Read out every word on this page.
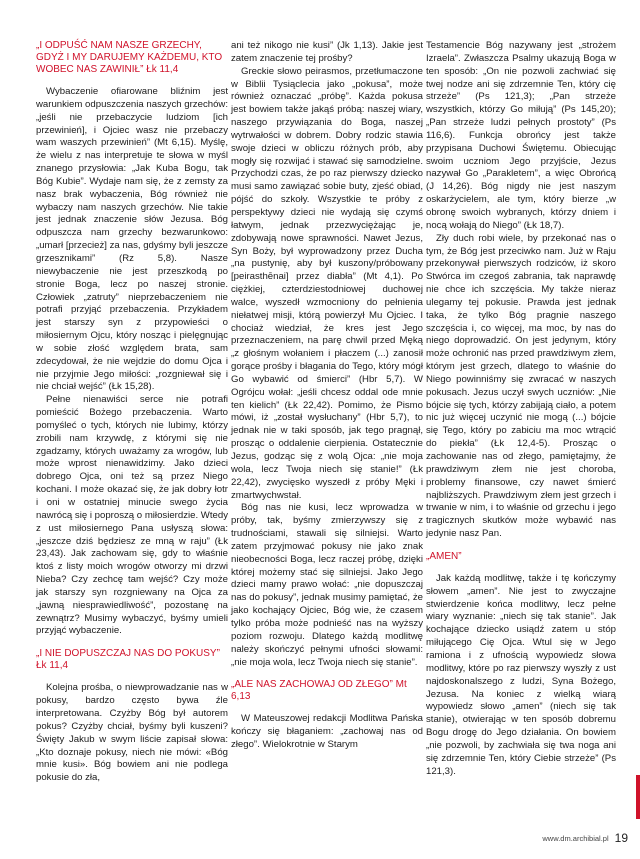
„I ODPUŚĆ NAM NASZE GRZECHY, GDYŻ I MY DARUJEMY KAŻDEMU, KTO WOBEC NAS ZAWINIŁ” Łk 11,4

Wybaczenie ofiarowane bliźnim jest warunkiem odpuszczenia naszych grzechów: „jeśli nie przebaczycie ludziom [ich przewinień], i Ojciec wasz nie przebaczy wam waszych przewinień” (Mt 6,15). Myślę, że wielu z nas interpretuje te słowa w myśl znanego przysłowia: „Jak Kuba Bogu, tak Bóg Kubie”. Wydaje nam się, że z zemsty za nasz brak wybaczenia, Bóg również nie wybaczy nam naszych grzechów. Nie takie jest jednak znaczenie słów Jezusa. Bóg odpuszcza nam grzechy bezwarunkowo: „umarł [przecież] za nas, gdyśmy byli jeszcze grzesznikami” (Rz 5,8). Nasze niewybaczenie nie jest przeszkodą po stronie Boga, lecz po naszej stronie. Człowiek „zatruty” nieprzebaczeniem nie potrafi przyjąć przebaczenia. Przykładem jest starszy syn z przypowieści o miłosiernym Ojcu, który nosząc i pielęgnując w sobie złość względem brata, sam zdecydował, że nie wejdzie do domu Ojca i nie przyjmie Jego miłości: „rozgniewał się i nie chciał wejść” (Łk 15,28).

Pełne nienawiści serce nie potrafi pomieścić Bożego przebaczenia. Warto pomyśleć o tych, których nie lubimy, którzy zrobili nam krzywdę, z którymi się nie zgadzamy, których uważamy za wrogów, lub może wprost nienawidzimy. Jako dzieci dobrego Ojca, oni też są przez Niego kochani. I może okazać się, że jak dobry łotr i oni w ostatniej minucie swego życia nawrócą się i poproszą o miłosierdzie. Wtedy z ust miłosiernego Pana usłyszą słowa: „jeszcze dziś będziesz ze mną w raju” (Łk 23,43). Jak zachowam się, gdy to właśnie ktoś z listy moich wrogów otworzy mi drzwi Nieba? Czy zechcę tam wejść? Czy może jak starszy syn rozgniewany na Ojca za „jawną niesprawiedliwość”, pozostanę na zewnątrz? Musimy wybaczyć, byśmy umieli przyjąć wybaczenie.

„I NIE DOPUSZCZAJ NAS DO POKUSY” Łk 11,4

Kolejna prośba, o niewprowadzanie nas w pokusy, bardzo często bywa źle interpretowana. Czyżby Bóg był autorem pokus? Czyżby chciał, byśmy byli kuszeni? Święty Jakub w swym liście zapisał słowa: „Kto doznaje pokusy, niech nie mówi: «Bóg mnie kusi». Bóg bowiem ani nie podlega pokusie do zła,

ani też nikogo nie kusi” (Jk 1,13). Jakie jest zatem znaczenie tej prośby?

Greckie słowo peirasmos, przetłumaczone w Biblii Tysiąclecia jako „pokusa”, może również oznaczać „próbę”. Każda pokusa jest bowiem także jakąś próbą: naszej wiary, naszego przywiązania do Boga, naszej wytrwałości w dobrem. Dobry rodzic stawia swoje dzieci w obliczu różnych prób, aby mogły się rozwijać i stawać się samodzielne. Przychodzi czas, że po raz pierwszy dziecko musi samo zawiązać sobie buty, zjeść obiad, pójść do szkoły. Wszystkie te próby z perspektywy dzieci nie wydają się czymś łatwym, jednak przezwyciężając je, zdobywają nowe sprawności. Nawet Jezus, Syn Boży, był wyprowadzony przez Ducha „na pustynię, aby był kuszony/próbowany [peirasthēnai] przez diabła” (Mt 4,1). Po ciężkiej, czterdziestodniowej duchowej walce, wyszedł wzmocniony do pełnienia niełatwej misji, którą powierzył Mu Ojciec. I chociaż wiedział, że kres jest Jego przeznaczeniem, na parę chwil przed Męką „z głośnym wołaniem i płaczem (...) zanosił gorące prośby i błagania do Tego, który mógł Go wybawić od śmierci” (Hbr 5,7). W Ogrójcu wołał: „jeśli chcesz oddal ode mnie ten kielich” (Łk 22,42). Pomimo, że Pismo mówi, iż „został wysłuchany” (Hbr 5,7), to jednak nie w taki sposób, jak tego pragnął, prosząc o oddalenie cierpienia. Ostatecznie Jezus, godząc się z wolą Ojca: „nie moja wola, lecz Twoja niech się stanie!” (Łk 22,42), zwycięsko wyszedł z próby Męki i zmartwychwstał.

Bóg nas nie kusi, lecz wprowadza w próby, tak, byśmy zmierzywszy się z trudnościami, stawali się silniejsi. Warto zatem przyjmować pokusy nie jako znak nieobecności Boga, lecz raczej próbę, dzięki której możemy stać się silniejsi. Jako Jego dzieci mamy prawo wołać: „nie dopuszczaj nas do pokusy”, jednak musimy pamiętać, że jako kochający Ojciec, Bóg wie, że czasem tylko próba może podnieść nas na wyższy poziom rozwoju. Dlatego każdą modlitwę należy skończyć pełnymi ufności słowami: „nie moja wola, lecz Twoja niech się stanie”.

„ALE NAS ZACHOWAJ OD ZŁEGO” Mt 6,13

W Mateuszowej redakcji Modlitwa Pańska kończy się błaganiem: „zachowaj nas od złego”. Wielokrotnie w Starym

Testamencie Bóg nazywany jest „strożem Izraela”. Zwłaszcza Psalmy ukazują Boga w ten sposób: „On nie pozwoli zachwiać się twej nodze ani się zdrzemnie Ten, który cię strzeże” (Ps 121,3); „Pan strzeże wszystkich, którzy Go miłują” (Ps 145,20); „Pan strzeże ludzi pełnych prostoty” (Ps 116,6). Funkcja obrońcy jest także przypisana Duchowi Świętemu. Obiecując swoim uczniom Jego przyjście, Jezus nazywał Go „Parakletem”, a więc Obrońcą (J 14,26). Bóg nigdy nie jest naszym oskarżycielem, ale tym, który bierze „w obronę swoich wybranych, którzy dniem i nocą wołają do Niego” (Łk 18,7).

Zły duch robi wiele, by przekonać nas o tym, że Bóg jest przeciwko nam. Już w Raju przekonywał pierwszych rodziców, iż skoro Stwórca im czegoś zabrania, tak naprawdę nie chce ich szczęścia. My także nieraz ulegamy tej pokusie. Prawda jest jednak taka, że tylko Bóg pragnie naszego szczęścia i, co więcej, ma moc, by nas do niego doprowadzić. On jest jedynym, który może ochronić nas przed prawdziwym złem, którym jest grzech, dlatego to właśnie do Niego powinniśmy się zwracać w naszych pokusach. Jezus uczył swych uczniów: „Nie bójcie się tych, którzy zabijają ciało, a potem nic już więcej uczynić nie mogą (...) bójcie się Tego, który po zabiciu ma moc wtrącić do piekła” (Łk 12,4-5). Prosząc o zachowanie nas od złego, pamiętajmy, że prawdziwym złem nie jest choroba, problemy finansowe, czy nawet śmierć najbliższych. Prawdziwym złem jest grzech i trwanie w nim, i to właśnie od grzechu i jego tragicznych skutków może wybawić nas jedynie nasz Pan.

„AMEN”

Jak każdą modlitwę, także i tę kończymy słowem „amen”. Nie jest to zwyczajne stwierdzenie końca modlitwy, lecz pełne wiary wyznanie: „niech się tak stanie”. Jak kochające dziecko usiądź zatem u stóp miłującego Cię Ojca. Wtul się w Jego ramiona i z ufnością wypowiedz słowa modlitwy, które po raz pierwszy wyszły z ust najdoskonalszego z ludzi, Syna Bożego, Jezusa. Na koniec z wielką wiarą wypowiedz słowo „amen” (niech się tak stanie), otwierając w ten sposób dobremu Bogu drogę do Jego działania. On bowiem „nie pozwoli, by zachwiała się twa noga ani się zdrzemnie Ten, który Ciebie strzeże” (Ps 121,3).

www.dm.archibial.pl 19
